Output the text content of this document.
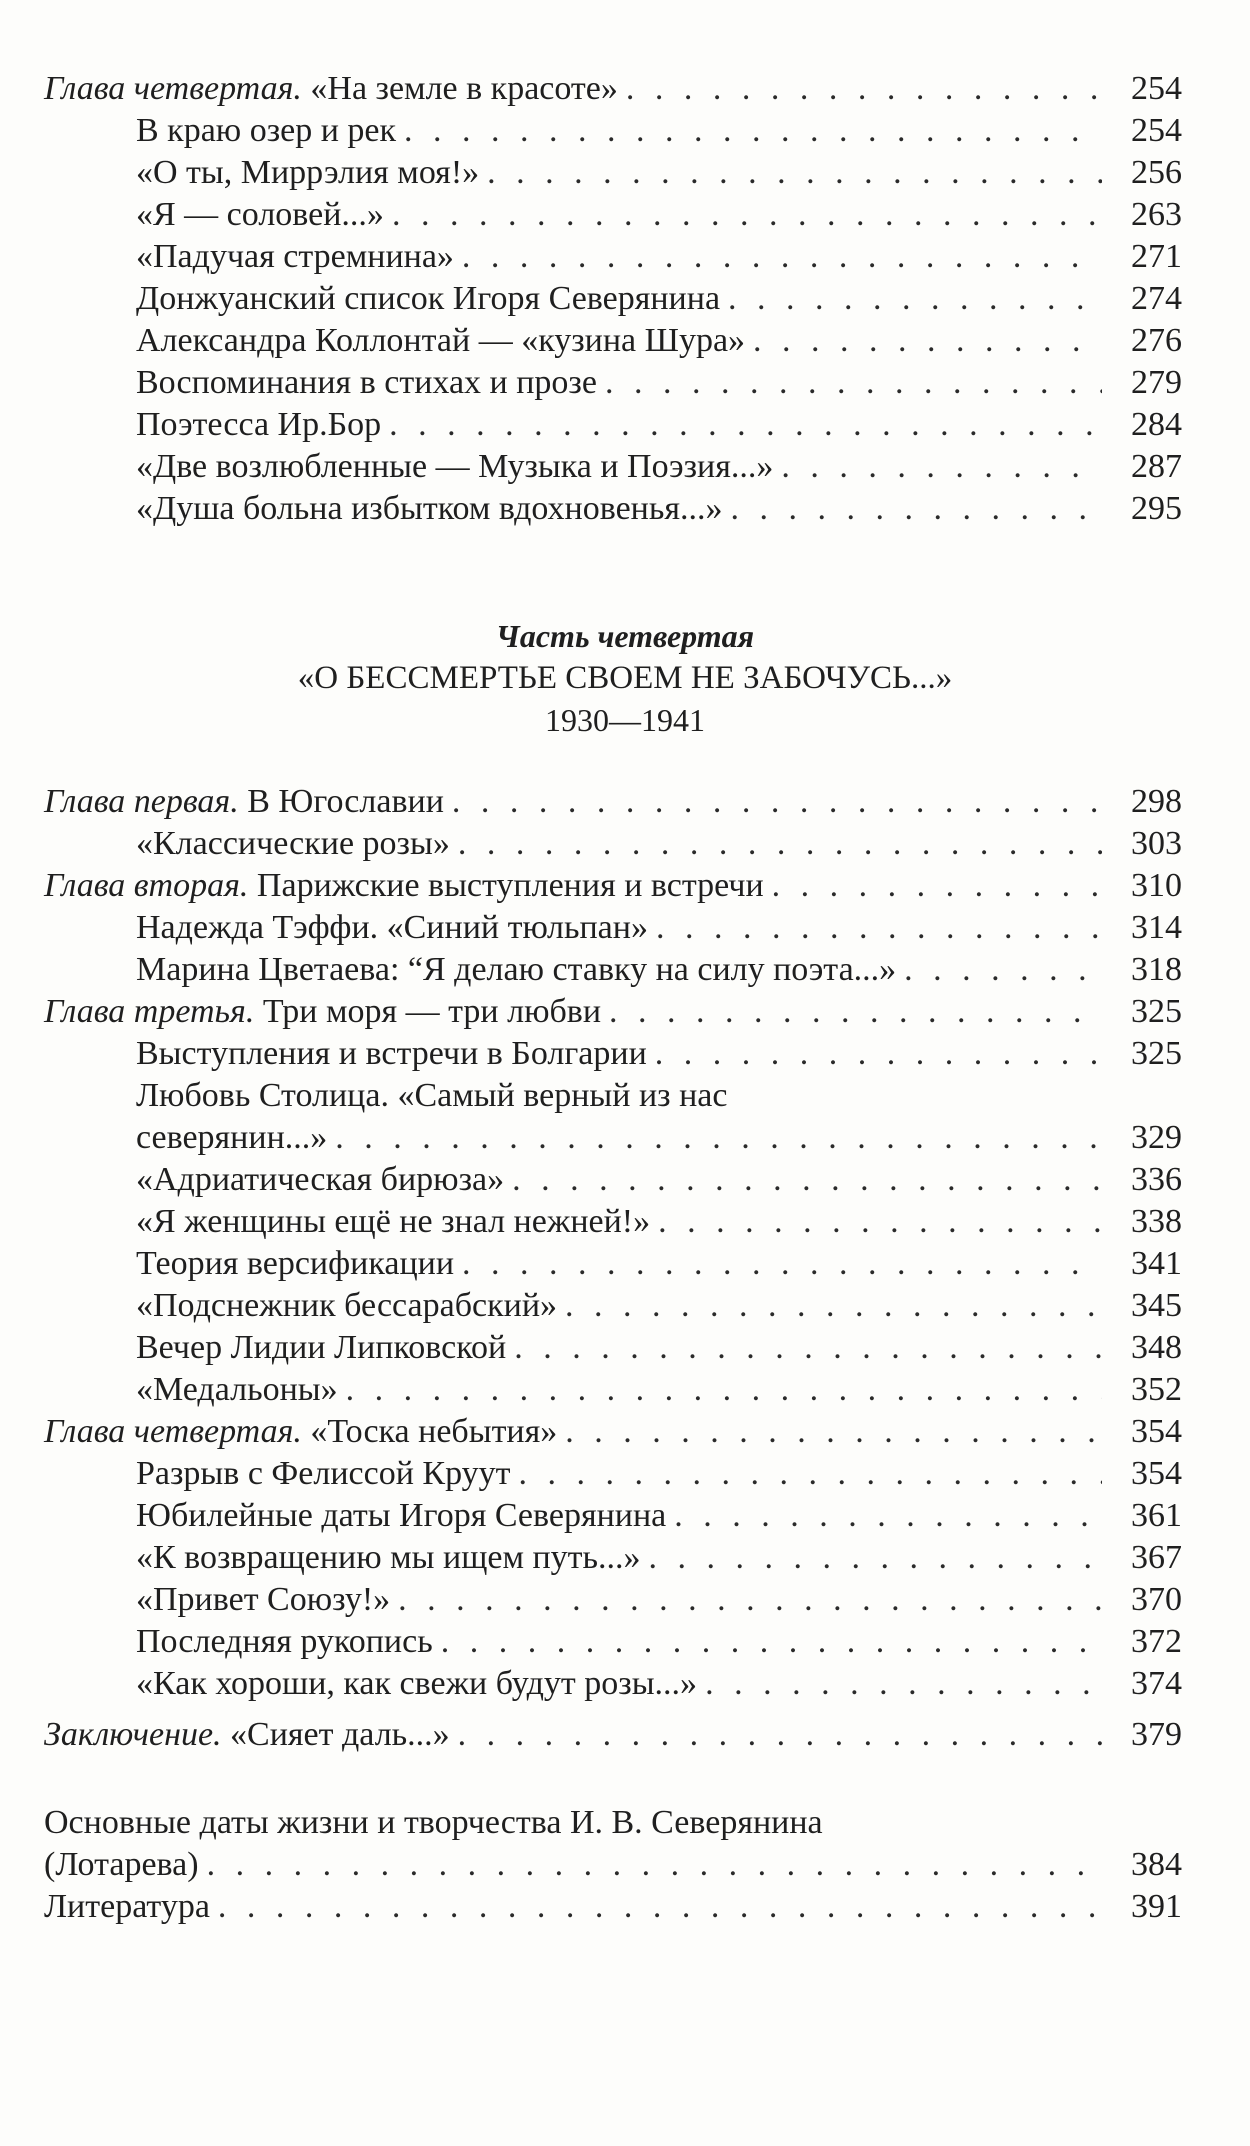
Глава четвертая. «На земле в красоте» . . .	254
В краю озер и рек . . .	254
«О ты, Миррэлия моя!» . . .	256
«Я — соловей...» . . .	263
«Падучая стремнина» . . .	271
Донжуанский список Игоря Северянина . . .	274
Александра Коллонтай — «кузина Шура» . . .	276
Воспоминания в стихах и прозе . . .	279
Поэтесса Ир.Бор . . .	284
«Две возлюбленные — Музыка и Поэзия...» . . .	287
«Душа больна избытком вдохновенья...» . . .	295
Часть четвертая
«О БЕССМЕРТЬЕ СВОЕМ НЕ ЗАБОЧУСЬ...»
1930—1941
Глава первая. В Югославии . . .	298
«Классические розы» . . .	303
Глава вторая. Парижские выступления и встречи . . .	310
Надежда Тэффи. «Синий тюльпан» . . .	314
Марина Цветаева: “Я делаю ставку на силу поэта...» . . .	318
Глава третья. Три моря — три любви . . .	325
Выступления и встречи в Болгарии . . .	325
Любовь Столица. «Самый верный из нас
северянин...» . . .	329
«Адриатическая бирюза» . . .	336
«Я женщины ещё не знал нежней!» . . .	338
Теория версификации . . .	341
«Подснежник бессарабский» . . .	345
Вечер Лидии Липковской . . .	348
«Медальоны» . . .	352
Глава четвертая. «Тоска небытия» . . .	354
Разрыв с Фелиссой Круут . . .	354
Юбилейные даты Игоря Северянина . . .	361
«К возвращению мы ищем путь...» . . .	367
«Привет Союзу!» . . .	370
Последняя рукопись . . .	372
«Как хороши, как свежи будут розы...» . . .	374
Заключение. «Сияет даль...» . . .	379
Основные даты жизни и творчества И. В. Северянина
(Лотарева) . . .	384
Литература . . .	391
